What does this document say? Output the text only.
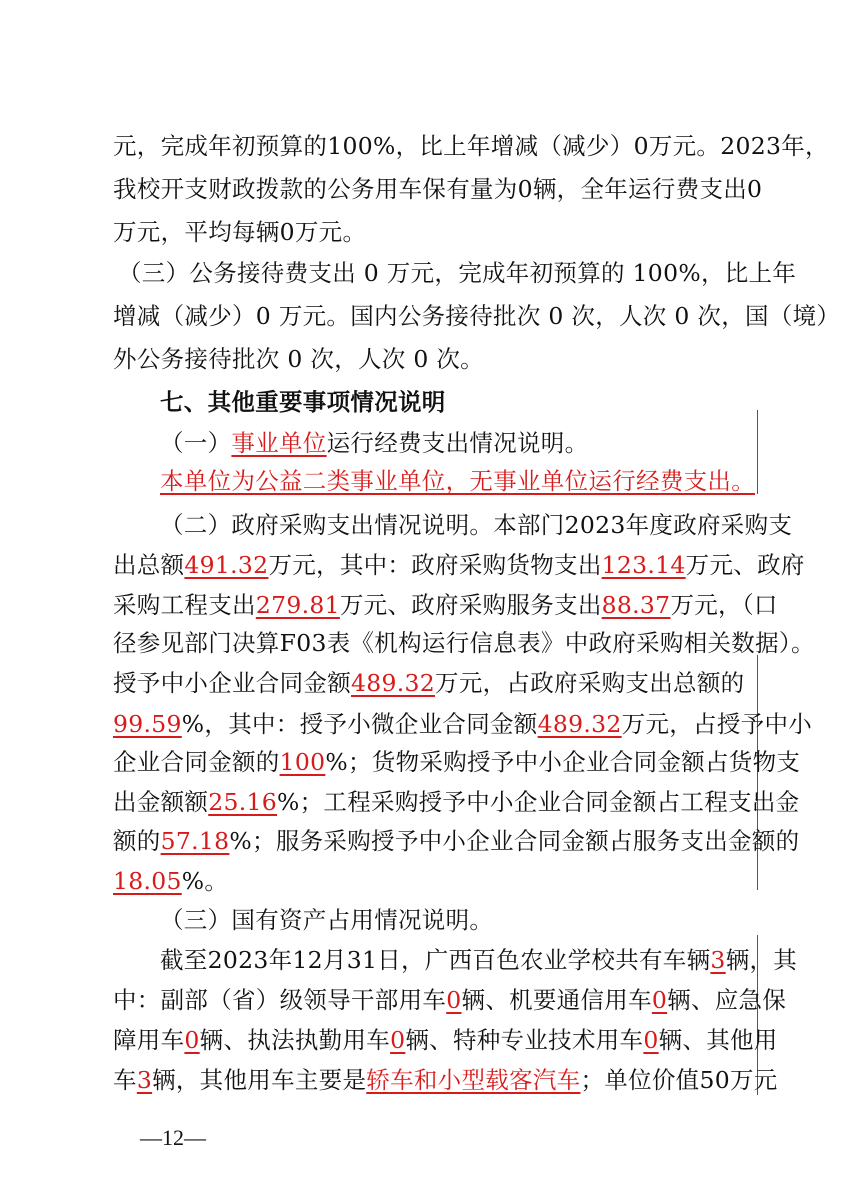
元，完成年初预算的100%，比上年增减（减少）0万元。2023年，
我校开支财政拨款的公务用车保有量为0辆，全年运行费支出0
万元，平均每辆0万元。
（三）公务接待费支出 0 万元，完成年初预算的 100%，比上年
增减（减少）0 万元。国内公务接待批次 0 次，人次 0 次，国（境）
外公务接待批次 0 次，人次 0 次。
七、其他重要事项情况说明
（一）事业单位运行经费支出情况说明。
本单位为公益二类事业单位，无事业单位运行经费支出。
（二）政府采购支出情况说明。本部门2023年度政府采购支
出总额491.32万元，其中：政府采购货物支出123.14万元、政府
采购工程支出279.81万元、政府采购服务支出88.37万元，（口
径参见部门决算F03表《机构运行信息表》中政府采购相关数据）。
授予中小企业合同金额489.32万元，占政府采购支出总额的
99.59%，其中：授予小微企业合同金额489.32万元，占授予中小
企业合同金额的100%；货物采购授予中小企业合同金额占货物支
出金额额25.16%；工程采购授予中小企业合同金额占工程支出金
额的57.18%；服务采购授予中小企业合同金额占服务支出金额的
18.05%。
（三）国有资产占用情况说明。
截至2023年12月31日，广西百色农业学校共有车辆3辆，其
中：副部（省）级领导干部用车0辆、机要通信用车0辆、应急保
障用车0辆、执法执勤用车0辆、特种专业技术用车0辆、其他用
车3辆，其他用车主要是轿车和小型载客汽车；单位价值50万元
—12—
